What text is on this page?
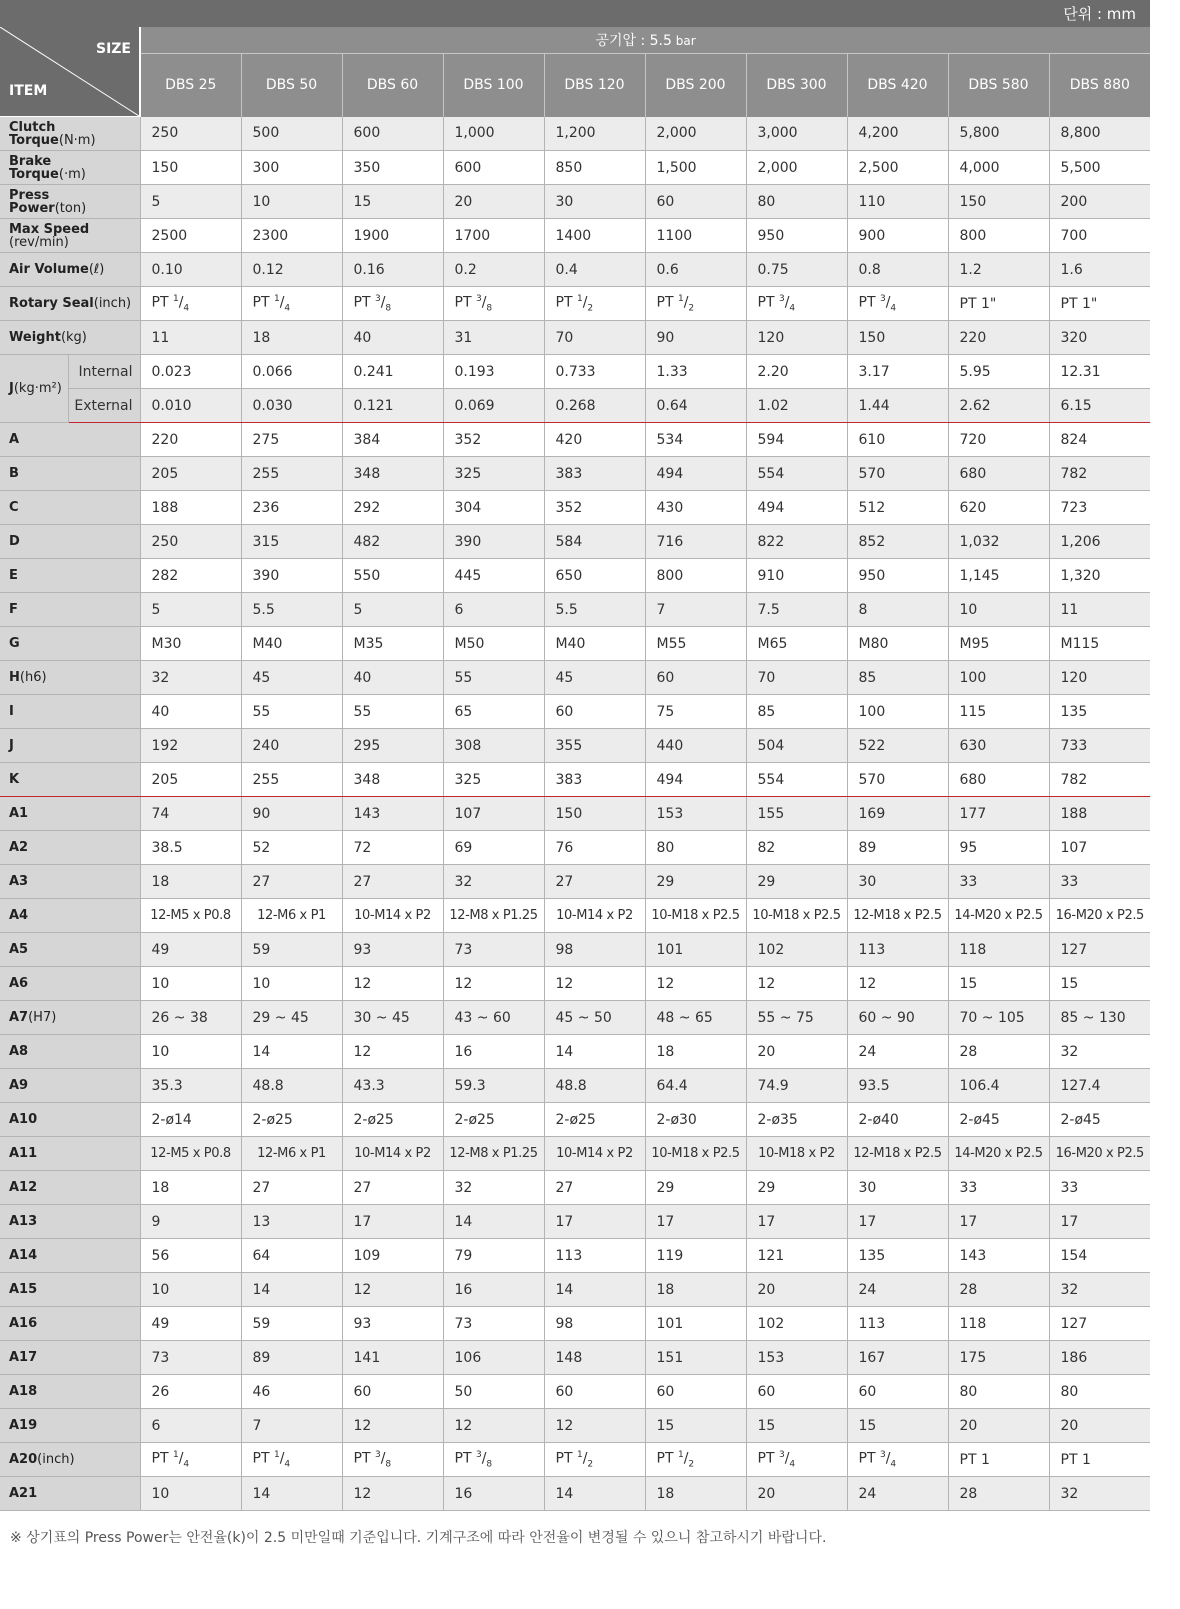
단위 : mm
SIZE
ITEM		공기압 : 5.5 bar									
		DBS 25	DBS 50	DBS 60	DBS 100	DBS 120	DBS 200	DBS 300	DBS 420	DBS 580	DBS 880
Clutch
Torque(N·m)		250	500	600	1,000	1,200	2,000	3,000	4,200	5,800	8,800
Brake
Torque(·m)		150	300	350	600	850	1,500	2,000	2,500	4,000	5,500
Press
Power(ton)		5	10	15	20	30	60	80	110	150	200
Max Speed
(rev/min)		2500	2300	1900	1700	1400	1100	950	900	800	700
Air Volume(ℓ)		0.10	0.12	0.16	0.2	0.4	0.6	0.75	0.8	1.2	1.6
Rotary Seal(inch)		PT $^1/_4$	PT $^1/_4$	PT $^3/_8$	PT $^3/_8$	PT $^1/_2$	PT $^1/_2$	PT $^3/_4$	PT $^3/_4$	PT 1"	PT 1"
Weight(kg)		11	18	40	31	70	90	120	150	220	320
J(kg·m²)	Internal	0.023	0.066	0.241	0.193	0.733	1.33	2.20	3.17	5.95	12.31
	External	0.010	0.030	0.121	0.069	0.268	0.64	1.02	1.44	2.62	6.15
A		220	275	384	352	420	534	594	610	720	824
B		205	255	348	325	383	494	554	570	680	782
C		188	236	292	304	352	430	494	512	620	723
D		250	315	482	390	584	716	822	852	1,032	1,206
E		282	390	550	445	650	800	910	950	1,145	1,320
F		5	5.5	5	6	5.5	7	7.5	8	10	11
G		M30	M40	M35	M50	M40	M55	M65	M80	M95	M115
H(h6)		32	45	40	55	45	60	70	85	100	120
I		40	55	55	65	60	75	85	100	115	135
J		192	240	295	308	355	440	504	522	630	733
K		205	255	348	325	383	494	554	570	680	782
A1		74	90	143	107	150	153	155	169	177	188
A2		38.5	52	72	69	76	80	82	89	95	107
A3		18	27	27	32	27	29	29	30	33	33
A4		12-M5 x P0.8	12-M6 x P1	10-M14 x P2	12-M8 x P1.25	10-M14 x P2	10-M18 x P2.5	10-M18 x P2.5	12-M18 x P2.5	14-M20 x P2.5	16-M20 x P2.5
A5		49	59	93	73	98	101	102	113	118	127
A6		10	10	12	12	12	12	12	12	15	15
A7(H7)		26 ~ 38	29 ~ 45	30 ~ 45	43 ~ 60	45 ~ 50	48 ~ 65	55 ~ 75	60 ~ 90	70 ~ 105	85 ~ 130
A8		10	14	12	16	14	18	20	24	28	32
A9		35.3	48.8	43.3	59.3	48.8	64.4	74.9	93.5	106.4	127.4
A10		2-ø14	2-ø25	2-ø25	2-ø25	2-ø25	2-ø30	2-ø35	2-ø40	2-ø45	2-ø45
A11		12-M5 x P0.8	12-M6 x P1	10-M14 x P2	12-M8 x P1.25	10-M14 x P2	10-M18 x P2.5	10-M18 x P2	12-M18 x P2.5	14-M20 x P2.5	16-M20 x P2.5
A12		18	27	27	32	27	29	29	30	33	33
A13		9	13	17	14	17	17	17	17	17	17
A14		56	64	109	79	113	119	121	135	143	154
A15		10	14	12	16	14	18	20	24	28	32
A16		49	59	93	73	98	101	102	113	118	127
A17		73	89	141	106	148	151	153	167	175	186
A18		26	46	60	50	60	60	60	60	80	80
A19		6	7	12	12	12	15	15	15	20	20
A20(inch)		PT $^1/_4$	PT $^1/_4$	PT $^3/_8$	PT $^3/_8$	PT $^1/_2$	PT $^1/_2$	PT $^3/_4$	PT $^3/_4$	PT 1	PT 1
A21		10	14	12	16	14	18	20	24	28	32
※ 상기표의 Press Power는 안전율(k)이 2.5 미만일때 기준입니다. 기계구조에 따라 안전율이 변경될 수 있으니 참고하시기 바랍니다.
